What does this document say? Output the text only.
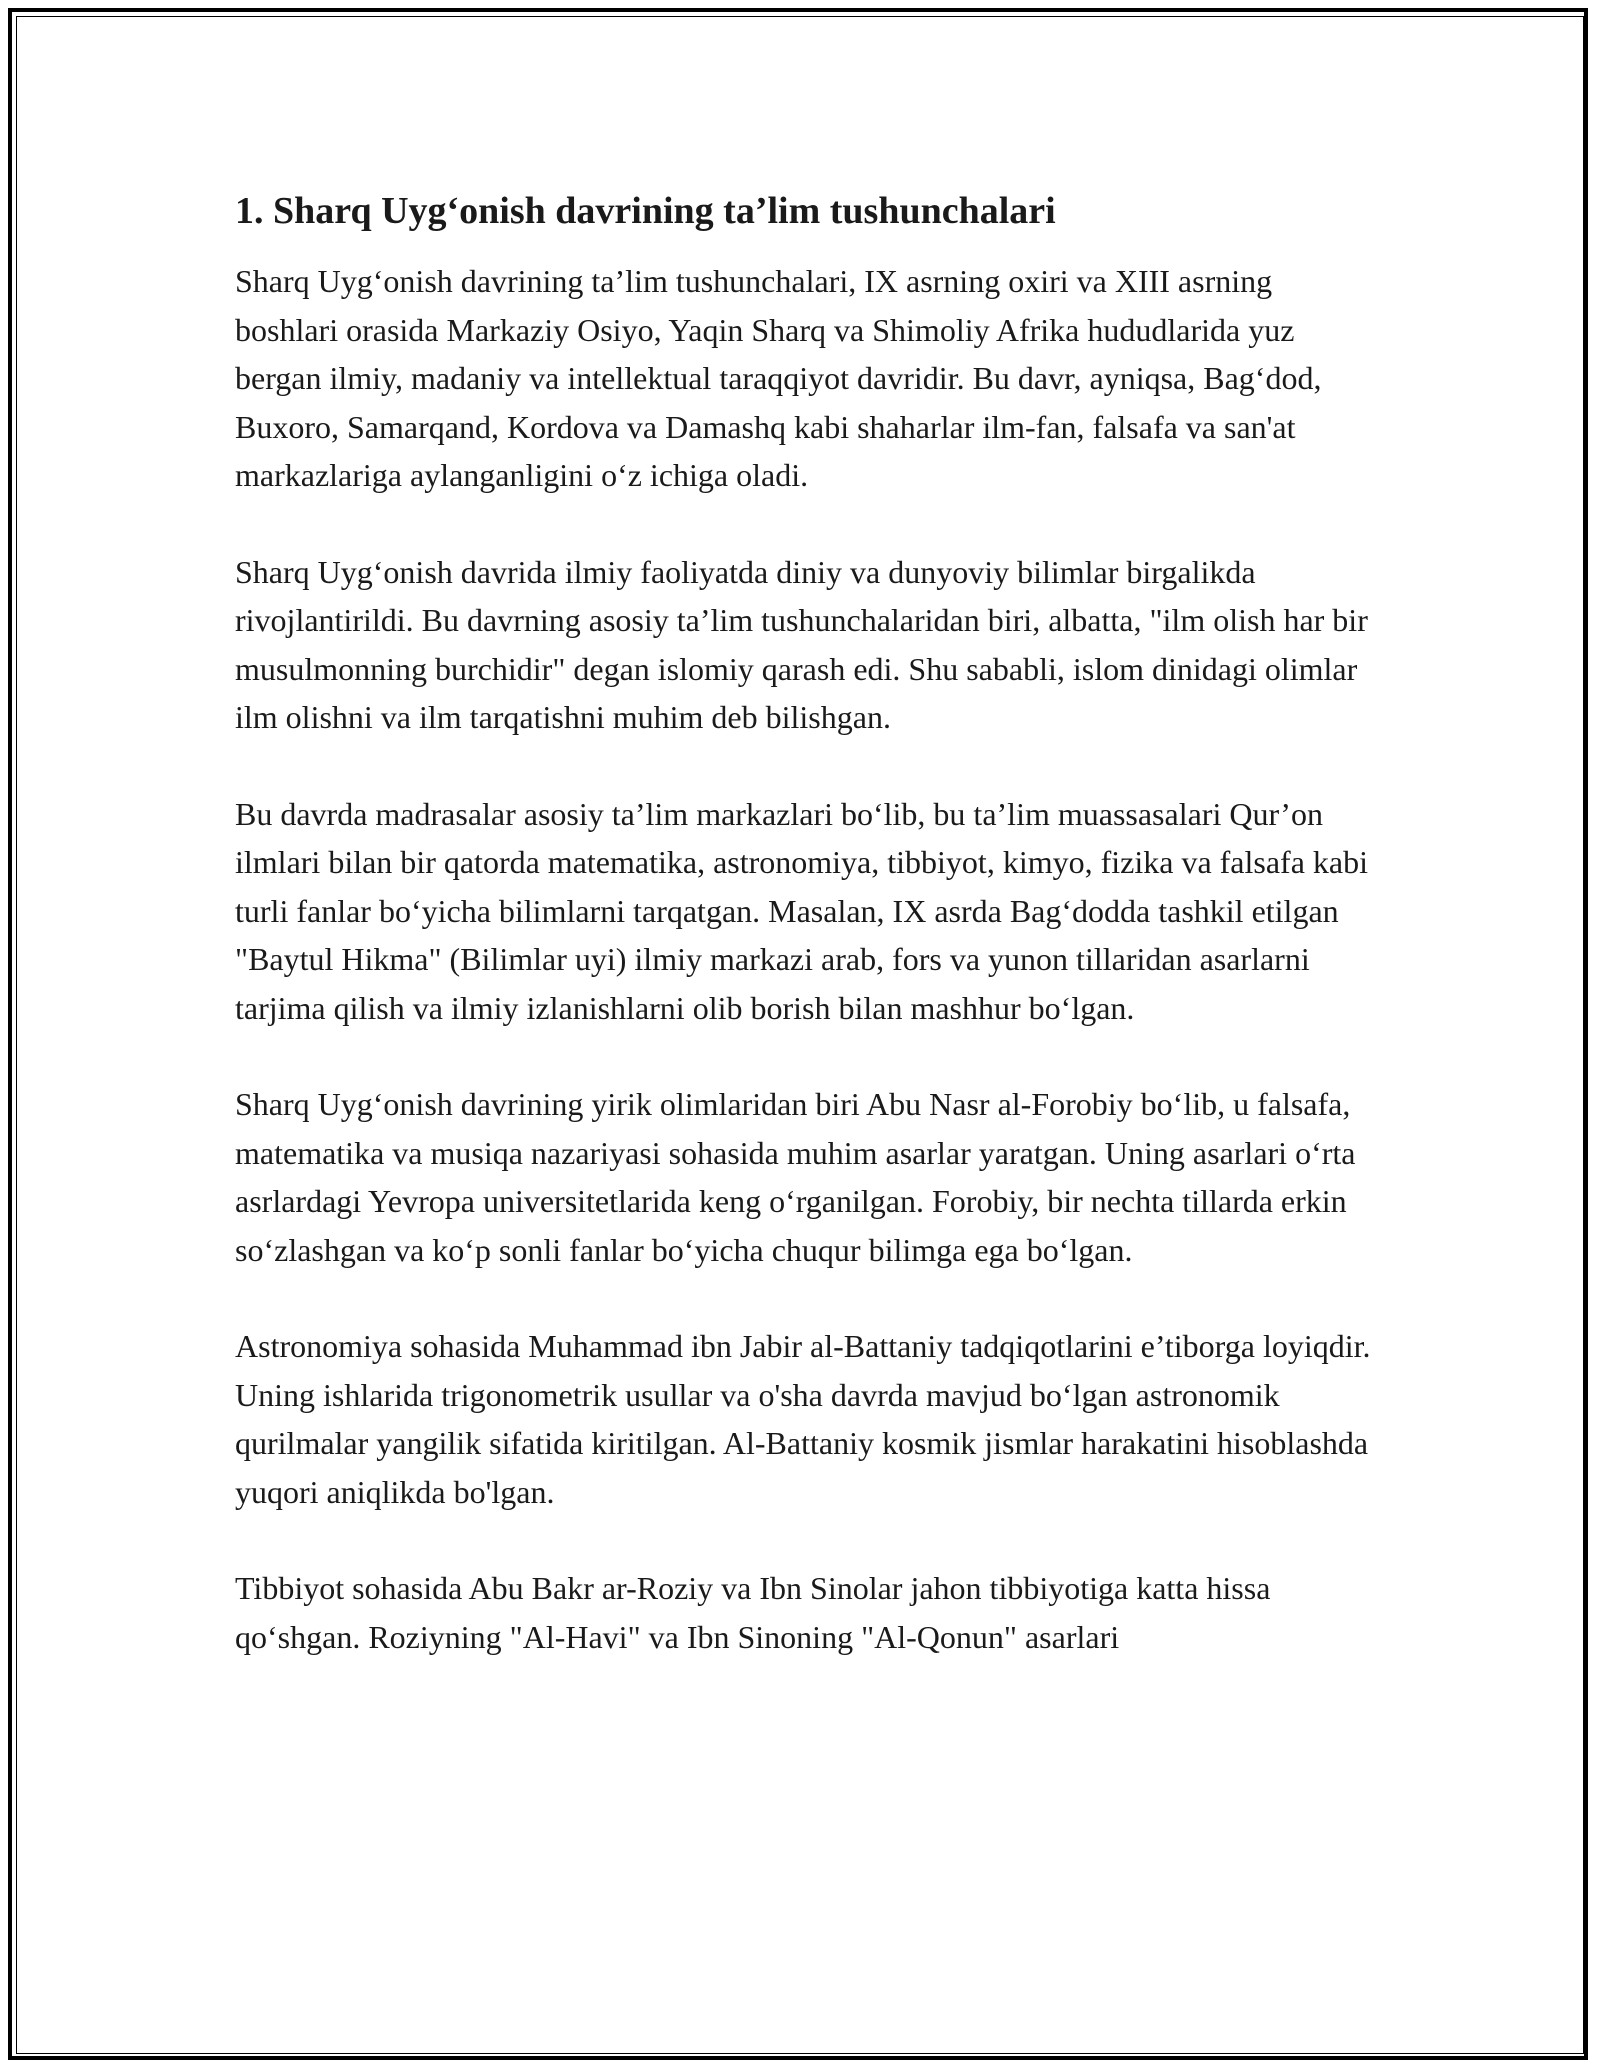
1. Sharq Uyg‘onish davrining ta’lim tushunchalari

Sharq Uyg‘onish davrining ta’lim tushunchalari, IX asrning oxiri va XIII asrning boshlari orasida Markaziy Osiyo, Yaqin Sharq va Shimoliy Afrika hududlarida yuz bergan ilmiy, madaniy va intellektual taraqqiyot davridir. Bu davr, ayniqsa, Bag‘dod, Buxoro, Samarqand, Kordova va Damashq kabi shaharlar ilm-fan, falsafa va san'at markazlariga aylanganligini o‘z ichiga oladi.

Sharq Uyg‘onish davrida ilmiy faoliyatda diniy va dunyoviy bilimlar birgalikda rivojlantirildi. Bu davrning asosiy ta’lim tushunchalaridan biri, albatta, "ilm olish har bir musulmonning burchidir" degan islomiy qarash edi. Shu sababli, islom dinidagi olimlar ilm olishni va ilm tarqatishni muhim deb bilishgan.

Bu davrda madrasalar asosiy ta’lim markazlari bo‘lib, bu ta’lim muassasalari Qur’on ilmlari bilan bir qatorda matematika, astronomiya, tibbiyot, kimyo, fizika va falsafa kabi turli fanlar bo‘yicha bilimlarni tarqatgan. Masalan, IX asrda Bag‘dodda tashkil etilgan "Baytul Hikma" (Bilimlar uyi) ilmiy markazi arab, fors va yunon tillaridan asarlarni tarjima qilish va ilmiy izlanishlarni olib borish bilan mashhur bo‘lgan.

Sharq Uyg‘onish davrining yirik olimlaridan biri Abu Nasr al-Forobiy bo‘lib, u falsafa, matematika va musiqa nazariyasi sohasida muhim asarlar yaratgan. Uning asarlari o‘rta asrlardagi Yevropa universitetlarida keng o‘rganilgan. Forobiy, bir nechta tillarda erkin so‘zlashgan va ko‘p sonli fanlar bo‘yicha chuqur bilimga ega bo‘lgan.

Astronomiya sohasida Muhammad ibn Jabir al-Battaniy tadqiqotlarini e’tiborga loyiqdir. Uning ishlarida trigonometrik usullar va o'sha davrda mavjud bo‘lgan astronomik qurilmalar yangilik sifatida kiritilgan. Al-Battaniy kosmik jismlar harakatini hisoblashda yuqori aniqlikda bo'lgan.

Tibbiyot sohasida Abu Bakr ar-Roziy va Ibn Sinolar jahon tibbiyotiga katta hissa qo‘shgan. Roziyning "Al-Havi" va Ibn Sinoning "Al-Qonun" asarlari
